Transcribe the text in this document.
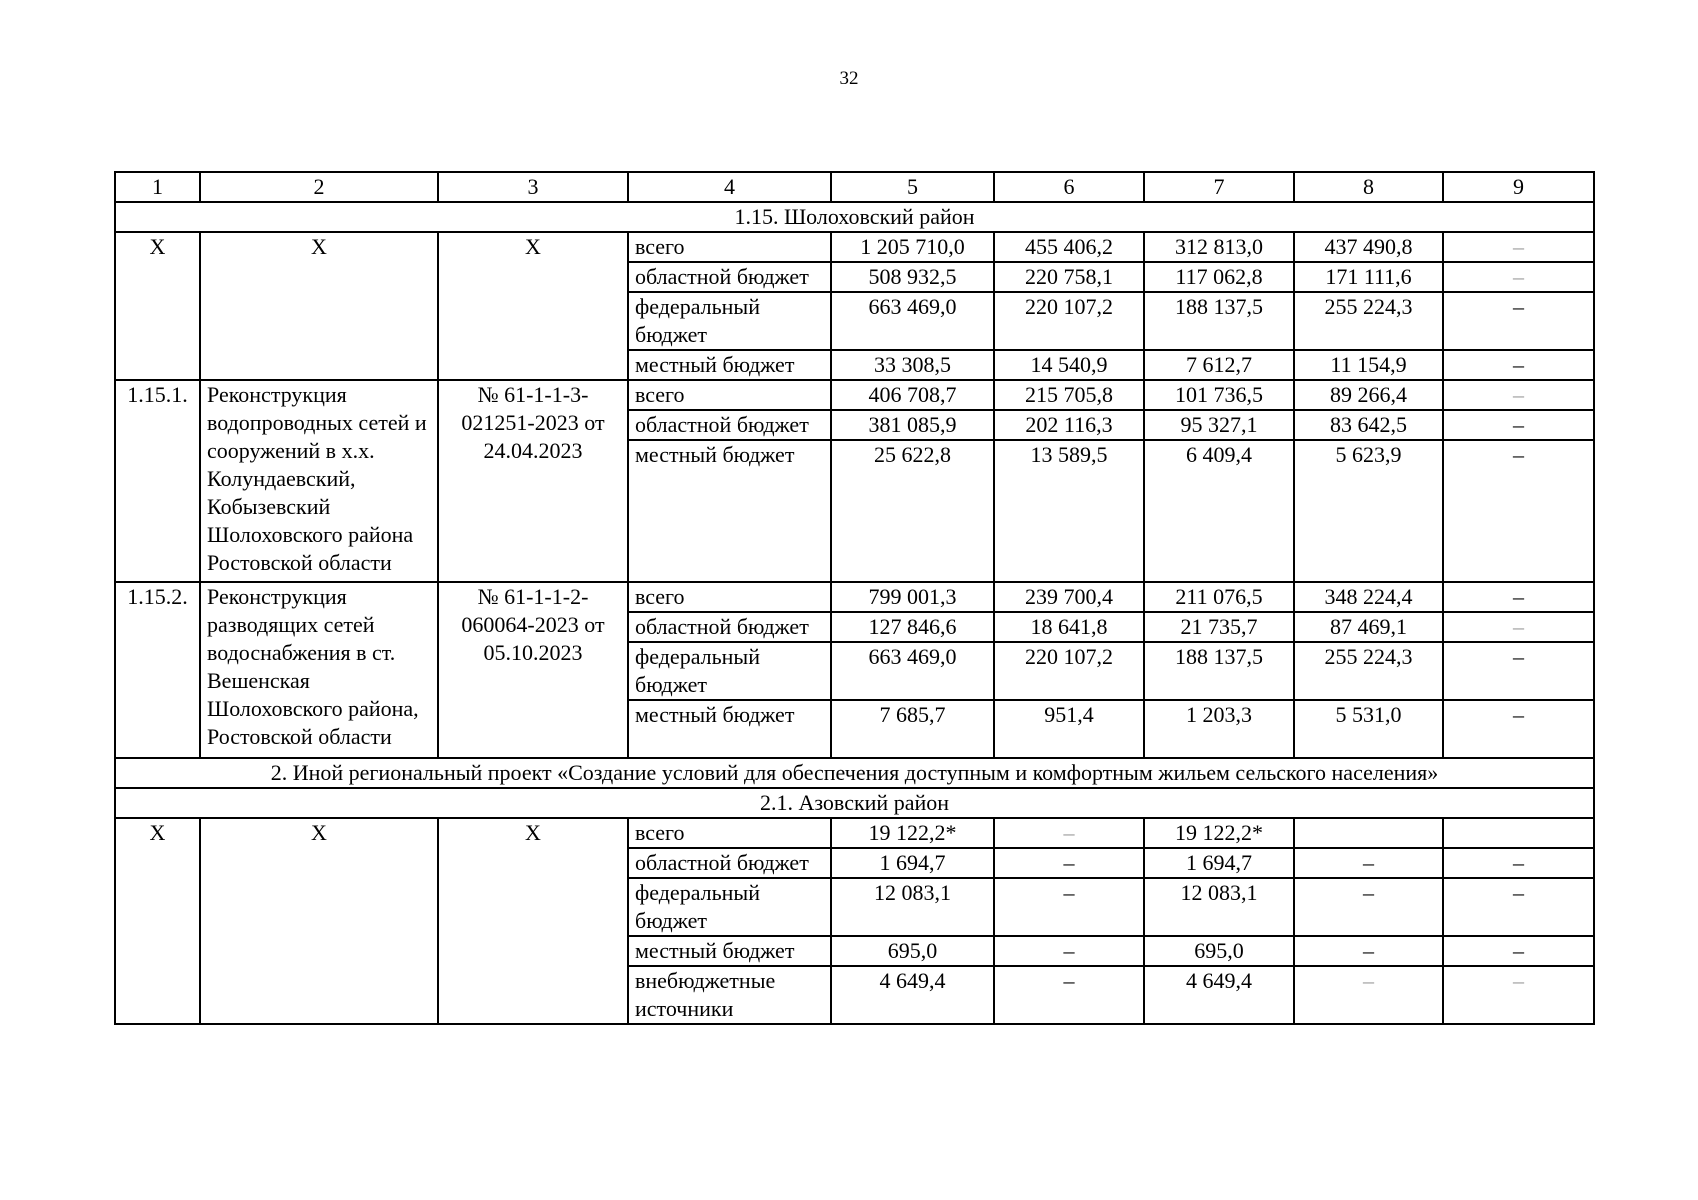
32
1	2	3	4	5	6	7	8	9
1.15. Шолоховский район								
Х	Х	Х	всего	1 205 710,0	455 406,2	312 813,0	437 490,8	–
			областной бюджет	508 932,5	220 758,1	117 062,8	171 111,6	–
			федеральный бюджет	663 469,0	220 107,2	188 137,5	255 224,3	–
			местный бюджет	33 308,5	14 540,9	7 612,7	11 154,9	–
1.15.1.	Реконструкция водопроводных сетей и сооружений в х.х. Колундаевский, Кобызевский Шолоховского района Ростовской области	№ 61-1-1-3-021251-2023 от 24.04.2023	всего	406 708,7	215 705,8	101 736,5	89 266,4	–
			областной бюджет	381 085,9	202 116,3	95 327,1	83 642,5	–
			местный бюджет	25 622,8	13 589,5	6 409,4	5 623,9	–
1.15.2.	Реконструкция разводящих сетей водоснабжения в ст. Вешенская Шолоховского района, Ростовской области	№ 61-1-1-2-060064-2023 от 05.10.2023	всего	799 001,3	239 700,4	211 076,5	348 224,4	–
			областной бюджет	127 846,6	18 641,8	21 735,7	87 469,1	–
			федеральный бюджет	663 469,0	220 107,2	188 137,5	255 224,3	–
			местный бюджет	7 685,7	951,4	1 203,3	5 531,0	–
2. Иной региональный проект «Создание условий для обеспечения доступным и комфортным жильем сельского населения»								
2.1. Азовский район								
Х	Х	Х	всего	19 122,2*	–	19 122,2*		
			областной бюджет	1 694,7	–	1 694,7	–	–
			федеральный бюджет	12 083,1	–	12 083,1	–	–
			местный бюджет	695,0	–	695,0	–	–
			внебюджетные источники	4 649,4	–	4 649,4	–	–
